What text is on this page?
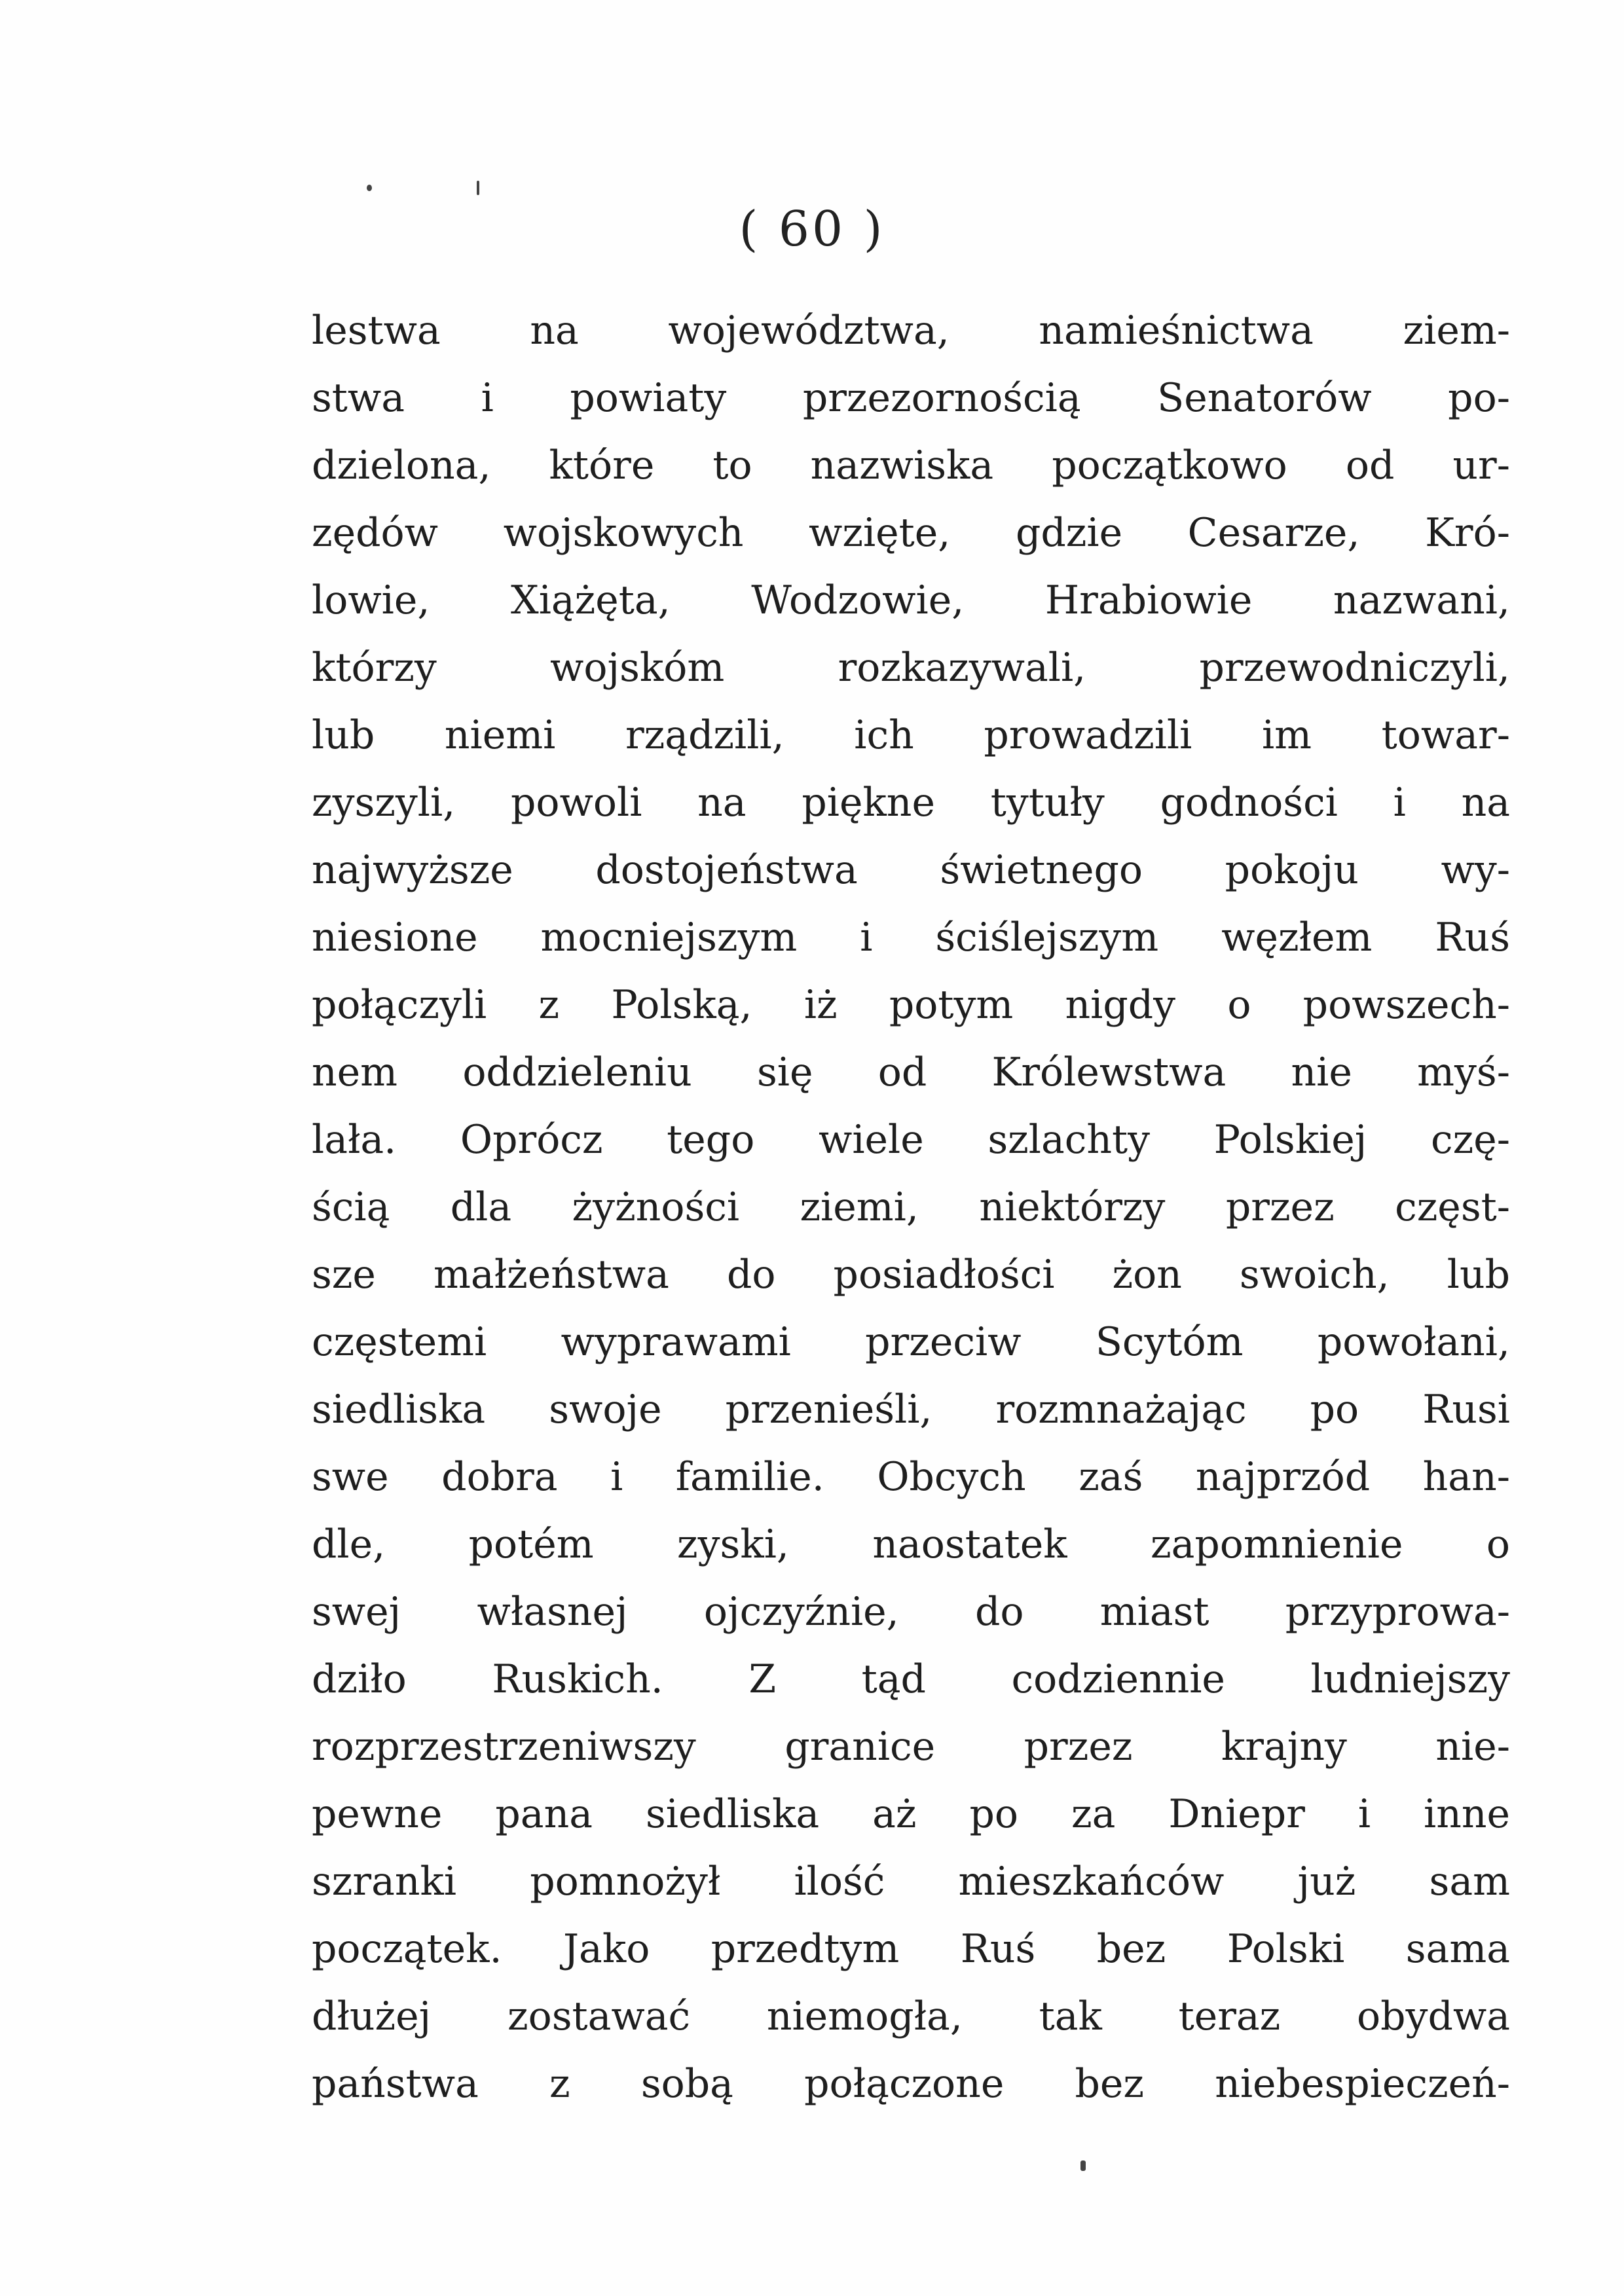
( 60 )
lestwa na województwa, namieśnictwa ziem-
stwa i powiaty przezornością Senatorów po-
dzielona, które to nazwiska początkowo od ur-
zędów wojskowych wzięte, gdzie Cesarze, Kró-
lowie, Xiążęta, Wodzowie, Hrabiowie nazwani,
którzy wojskóm rozkazywali, przewodniczyli,
lub niemi rządzili, ich prowadzili im towar-
zyszyli, powoli na piękne tytuły godności i na
najwyższe dostojeństwa świetnego pokoju wy-
niesione mocniejszym i ściślejszym węzłem Ruś
połączyli z Polską, iż potym nigdy o powszech-
nem oddzieleniu się od Królewstwa nie myś-
lała. Oprócz tego wiele szlachty Polskiej czę-
ścią dla żyżności ziemi, niektórzy przez częst-
sze małżeństwa do posiadłości żon swoich, lub
częstemi wyprawami przeciw Scytóm powołani,
siedliska swoje przenieśli, rozmnażając po Rusi
swe dobra i familie. Obcych zaś najprzód han-
dle, potém zyski, naostatek zapomnienie o
swej własnej ojczyźnie, do miast przyprowa-
dziło Ruskich. Z tąd codziennie ludniejszy
rozprzestrzeniwszy granice przez krajny nie-
pewne pana siedliska aż po za Dniepr i inne
szranki pomnożył ilość mieszkańców już sam
początek. Jako przedtym Ruś bez Polski sama
dłużej zostawać niemogła, tak teraz obydwa
państwa z sobą połączone bez niebespieczeń-
